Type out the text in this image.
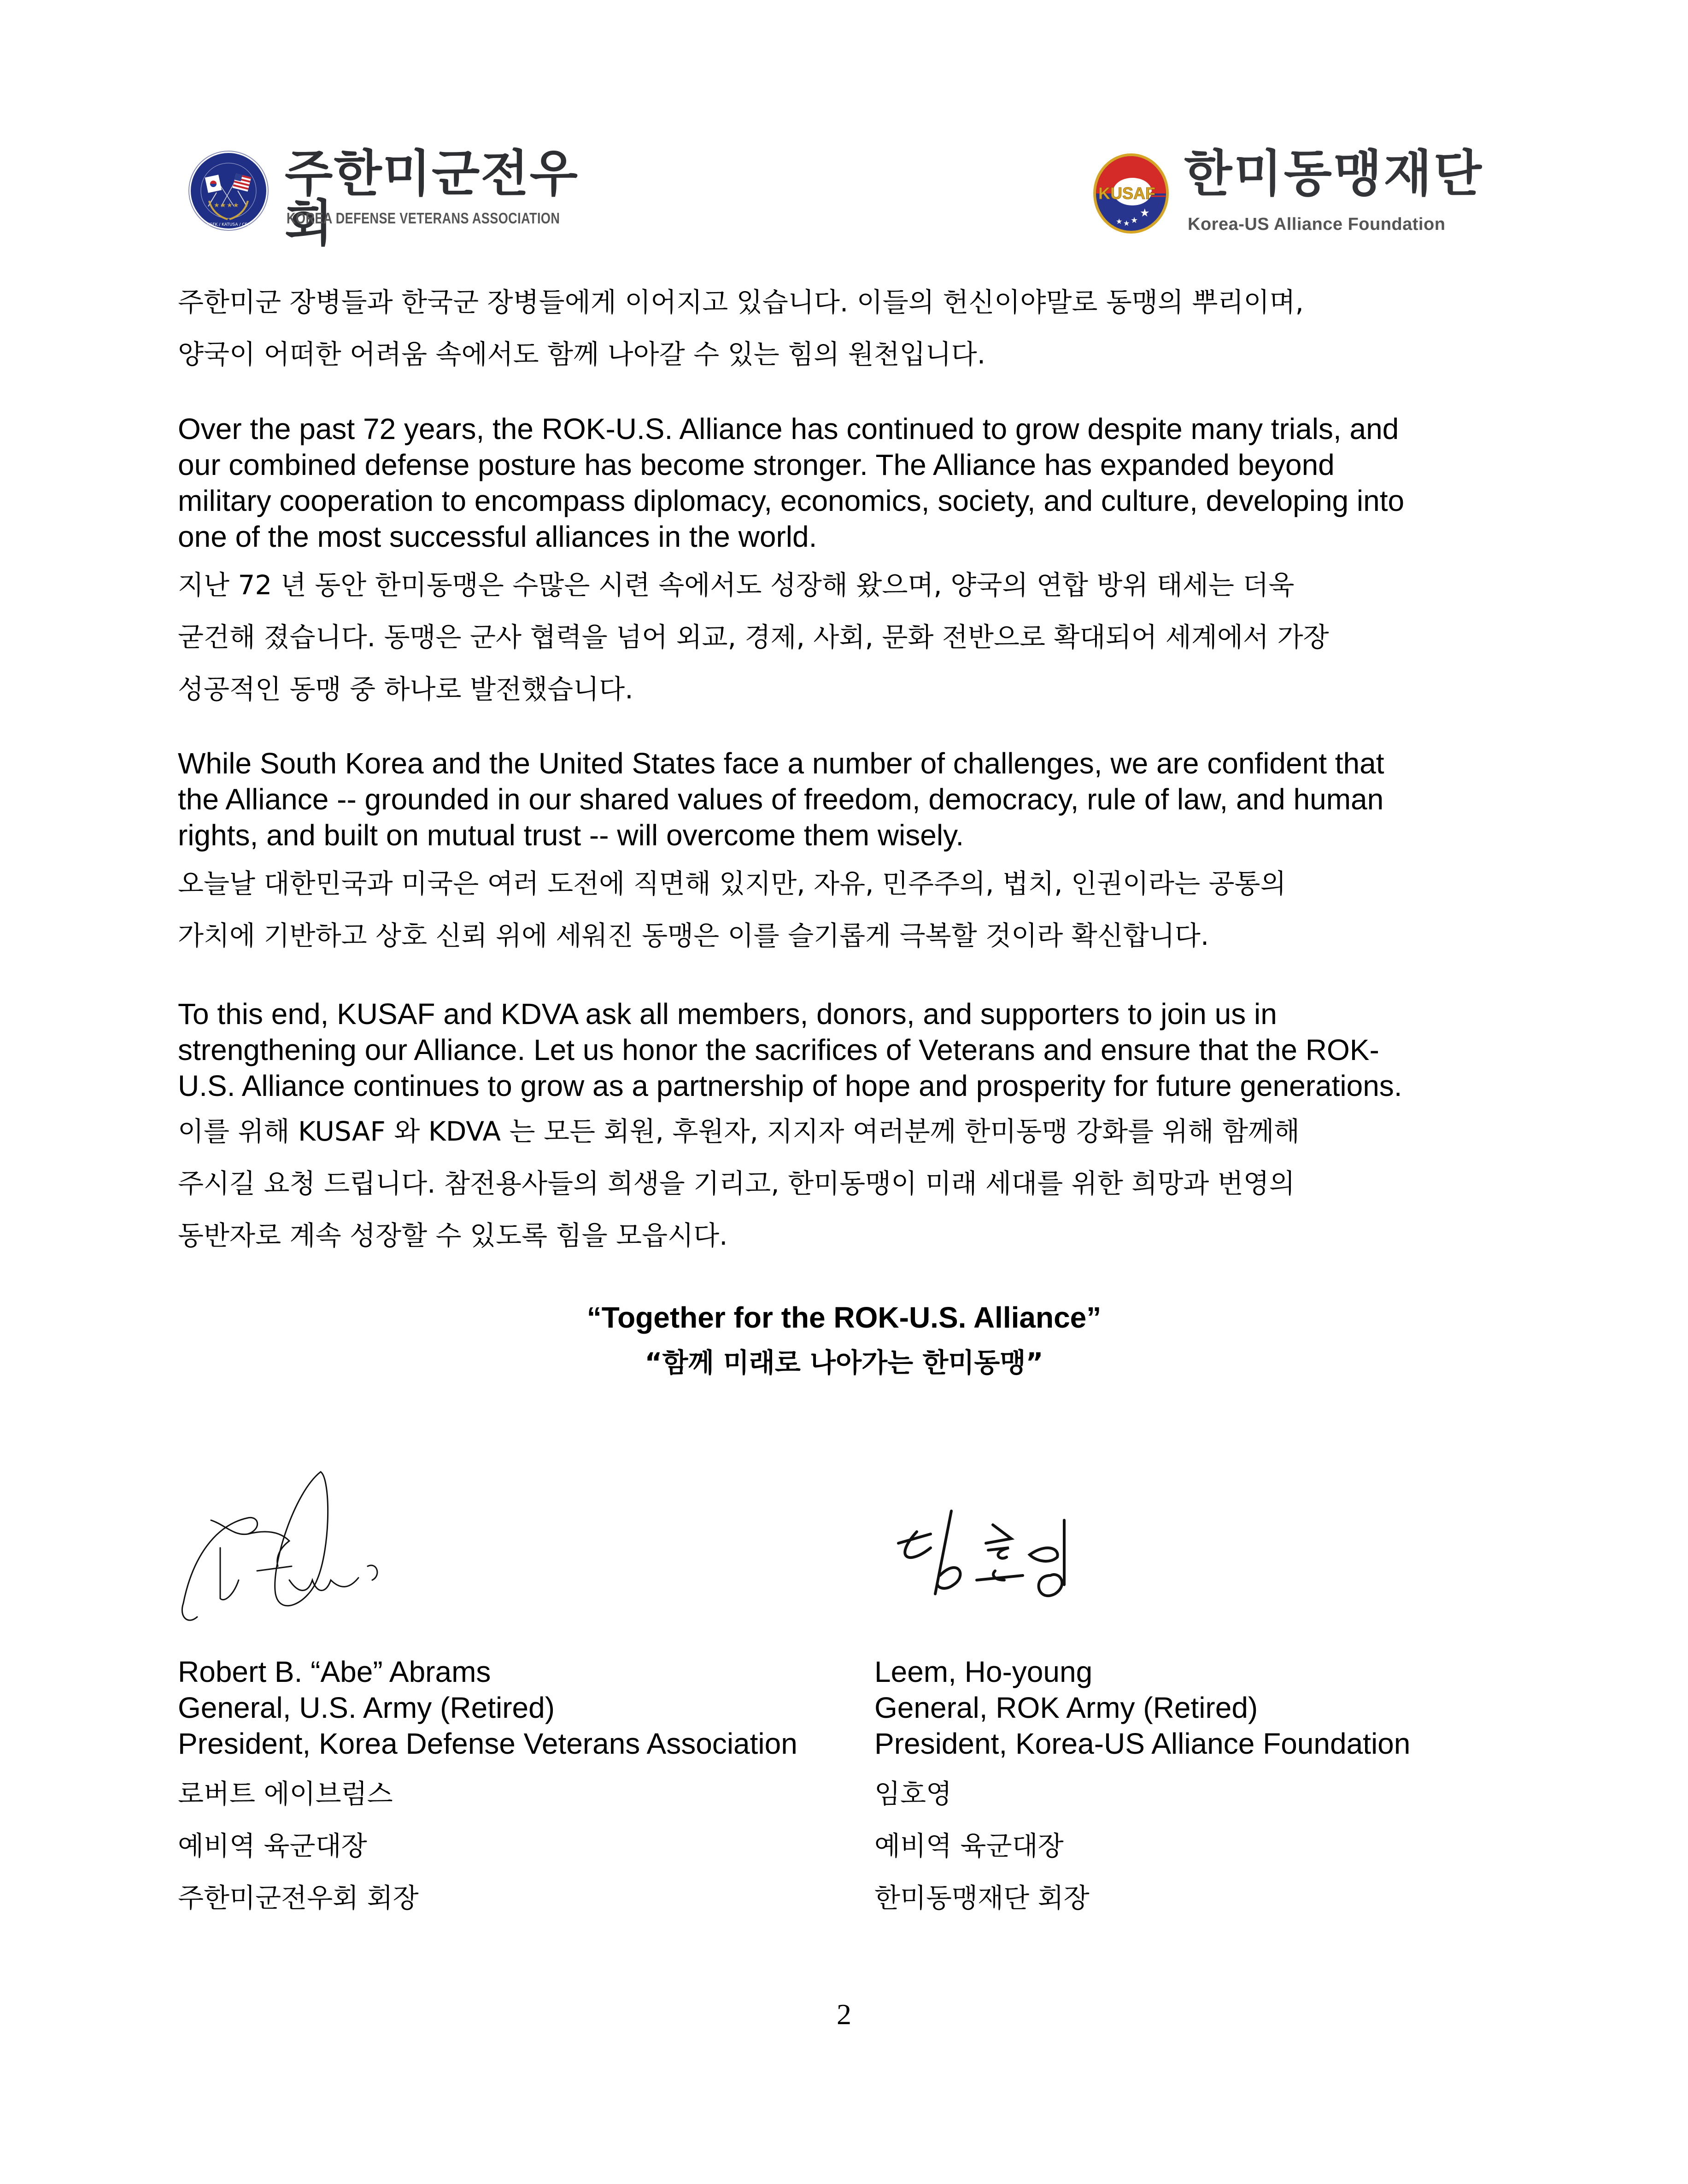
★ ★ ★ ★
USFK / KATUSA / CFC
주한미군전우회
KOREA DEFENSE VETERANS ASSOCIATION
KUSAF
★ ★ ★
★
한미동맹재단
Korea-US Alliance Foundation
주한미군 장병들과 한국군 장병들에게 이어지고 있습니다. 이들의 헌신이야말로 동맹의 뿌리이며,
양국이 어떠한 어려움 속에서도 함께 나아갈 수 있는 힘의 원천입니다.
Over the past 72 years, the ROK-U.S. Alliance has continued to grow despite many trials, and
our combined defense posture has become stronger. The Alliance has expanded beyond
military cooperation to encompass diplomacy, economics, society, and culture, developing into
one of the most successful alliances in the world.
지난 72 년 동안 한미동맹은 수많은 시련 속에서도 성장해 왔으며, 양국의 연합 방위 태세는 더욱
굳건해 졌습니다. 동맹은 군사 협력을 넘어 외교, 경제, 사회, 문화 전반으로 확대되어 세계에서 가장
성공적인 동맹 중 하나로 발전했습니다.
While South Korea and the United States face a number of challenges, we are confident that
the Alliance -- grounded in our shared values of freedom, democracy, rule of law, and human
rights, and built on mutual trust -- will overcome them wisely.
오늘날 대한민국과 미국은 여러 도전에 직면해 있지만, 자유, 민주주의, 법치, 인권이라는 공통의
가치에 기반하고 상호 신뢰 위에 세워진 동맹은 이를 슬기롭게 극복할 것이라 확신합니다.
To this end, KUSAF and KDVA ask all members, donors, and supporters to join us in
strengthening our Alliance. Let us honor the sacrifices of Veterans and ensure that the ROK-
U.S. Alliance continues to grow as a partnership of hope and prosperity for future generations.
이를 위해 KUSAF 와 KDVA 는 모든 회원, 후원자, 지지자 여러분께 한미동맹 강화를 위해 함께해
주시길 요청 드립니다. 참전용사들의 희생을 기리고, 한미동맹이 미래 세대를 위한 희망과 번영의
동반자로 계속 성장할 수 있도록 힘을 모읍시다.
“Together for the ROK-U.S. Alliance”
“함께 미래로 나아가는 한미동맹”
Robert B. “Abe” Abrams
General, U.S. Army (Retired)
President, Korea Defense Veterans Association
로버트 에이브럼스
예비역 육군대장
주한미군전우회 회장
Leem, Ho-young
General, ROK Army (Retired)
President, Korea-US Alliance Foundation
임호영
예비역 육군대장
한미동맹재단 회장
2
